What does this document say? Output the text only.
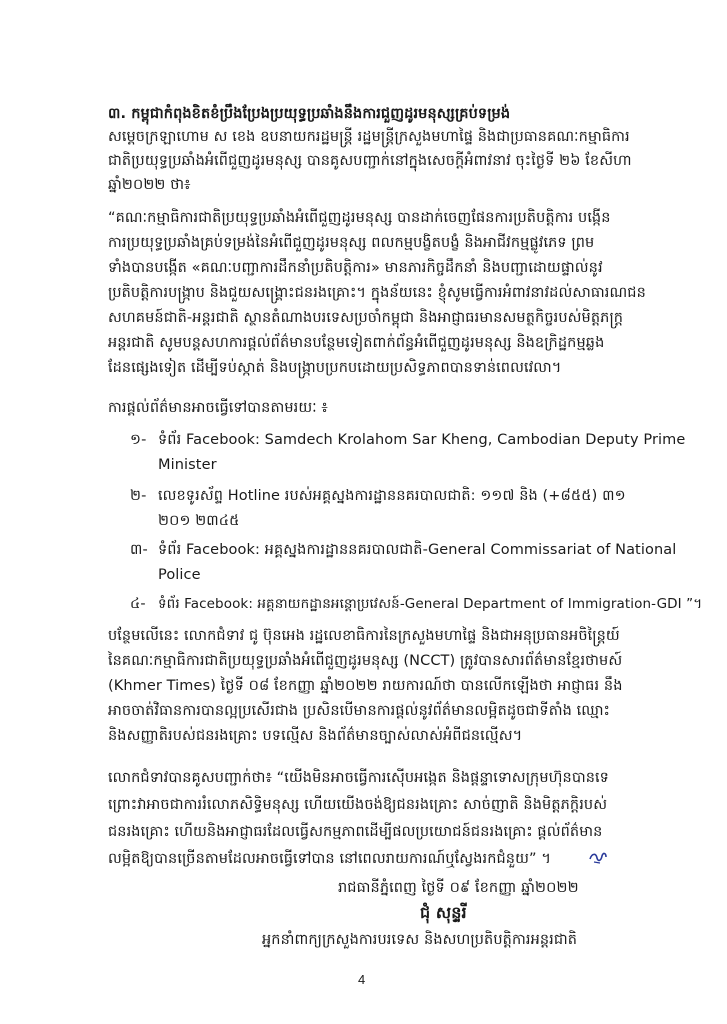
៣. កម្ពុជាកំពុងខិតខំប្រឹងប្រែងប្រយុទ្ធប្រឆាំងនឹងការជួញដូរមនុស្សគ្រប់ទម្រង់
សម្តេចក្រឡាហោម ស ខេង ឧបនាយករដ្ឋមន្រ្តី រដ្ឋមន្រ្តីក្រសួងមហាផ្ទៃ និងជាប្រធានគណៈកម្មាធិការ
ជាតិប្រយុទ្ធប្រឆាំងអំពើជួញដូរមនុស្ស បានគូសបញ្ជាក់នៅក្នុងសេចក្តីអំពាវនាវ ចុះថ្ងៃទី ២៦ ខែសីហា
ឆ្នាំ២០២២ ថា៖
“គណៈកម្មាធិការជាតិប្រយុទ្ធប្រឆាំងអំពើជួញដូរមនុស្ស បានដាក់ចេញផែនការប្រតិបត្តិការ បង្កើន
ការប្រយុទ្ធប្រឆាំងគ្រប់ទម្រង់នៃអំពើជួញដូរមនុស្ស ពលកម្មបង្ខិតបង្ខំ និងអាជីវកម្មផ្លូវភេទ ព្រម
ទាំងបានបង្កើត «គណៈបញ្ជាការដឹកនាំប្រតិបត្តិការ» មានភារកិច្ចដឹកនាំ និងបញ្ជាដោយផ្ទាល់នូវ
ប្រតិបត្តិការបង្ក្រាប និងជួយសង្គ្រោះជនរងគ្រោះ។ ក្នុងន័យនេះ ខ្ញុំសូមធ្វើការអំពាវនាវដល់សាធារណជន
សហគមន៍ជាតិ-អន្តរជាតិ ស្ថានតំណាងបរទេសប្រចាំកម្ពុជា និងអាជ្ញាធរមានសមត្ថកិច្ចរបស់មិត្តភក្រ្ត
អន្តរជាតិ សូមបន្តសហការផ្តល់ព័ត៌មានបន្ថែមទៀតពាក់ព័ន្ធអំពើជួញដូរមនុស្ស និងឧក្រិដ្ឋកម្មឆ្លង
ដែនផ្សេងទៀត ដើម្បីទប់ស្កាត់ និងបង្ក្រាបប្រកបដោយប្រសិទ្ធភាពបានទាន់ពេលវេលា។
ការផ្តល់ព័ត៌មានអាចធ្វើទៅបានតាមរយៈ ៖
១- ទំព័រ Facebook: Samdech Krolahom Sar Kheng, Cambodian Deputy Prime
Minister
២- លេខទូរស័ព្ទ Hotline របស់អគ្គស្នងការដ្ឋាននគរបាលជាតិ: ១១៧ និង (+៨៥៥) ៣១
២០១ ២៣៤៥
៣- ទំព័រ Facebook: អគ្គស្នងការដ្ឋាននគរបាលជាតិ-General Commissariat of National
Police
៤- ទំព័រ Facebook: អគ្គនាយកដ្ឋានអន្តោប្រវេសន៍-General Department of Immigration-GDI ”។
បន្ថែមលើនេះ លោកជំទាវ ជូ ប៊ុនអេង រដ្ឋលេខាធិការនៃក្រសួងមហាផ្ទៃ និងជាអនុប្រធានអចិន្ត្រៃយ៍
នៃគណៈកម្មាធិការជាតិប្រយុទ្ធប្រឆាំងអំពើជួញដូរមនុស្ស (NCCT) ត្រូវបានសារព័ត៌មានខ្មែរថាមស៍
(Khmer Times) ថ្ងៃទី ០៨ ខែកញ្ញា ឆ្នាំ២០២២ រាយការណ៍ថា បានលើកឡើងថា អាជ្ញាធរ នឹង
អាចចាត់វិធានការបានល្អប្រសើរជាង ប្រសិនបើមានការផ្តល់នូវព័ត៌មានលម្អិតដូចជាទីតាំង ឈ្មោះ
និងសញ្ញាតិរបស់ជនរងគ្រោះ បទល្មើស និងព័ត៌មានច្បាស់លាស់អំពីជនល្មើស។
លោកជំទាវបានគូសបញ្ជាក់ថា៖ “យើងមិនអាចធ្វើការស៊ើបអង្កេត និងផ្តន្ទាទោសក្រុមហ៊ុនបានទេ
ព្រោះវាអាចជាការរំលោភសិទ្ធិមនុស្ស ហើយយើងចង់ឱ្យជនរងគ្រោះ សាច់ញាតិ និងមិត្តភក្តិរបស់
ជនរងគ្រោះ ហើយនិងអាជ្ញាធរដែលធ្វើសកម្មភាពដើម្បីផលប្រយោជន៍ជនរងគ្រោះ ផ្តល់ព័ត៌មាន
លម្អិតឱ្យបានច្រើនតាមដែលអាចធ្វើទៅបាន នៅពេលរាយការណ៍ឬស្វែងរកជំនួយ” ។
រាជធានីភ្នំពេញ ថ្ងៃទី ០៩ ខែកញ្ញា ឆ្នាំ២០២២
ជុំ សុន្ទរី
អ្នកនាំពាក្យក្រសួងការបរទេស និងសហប្រតិបត្តិការអន្តរជាតិ
4
